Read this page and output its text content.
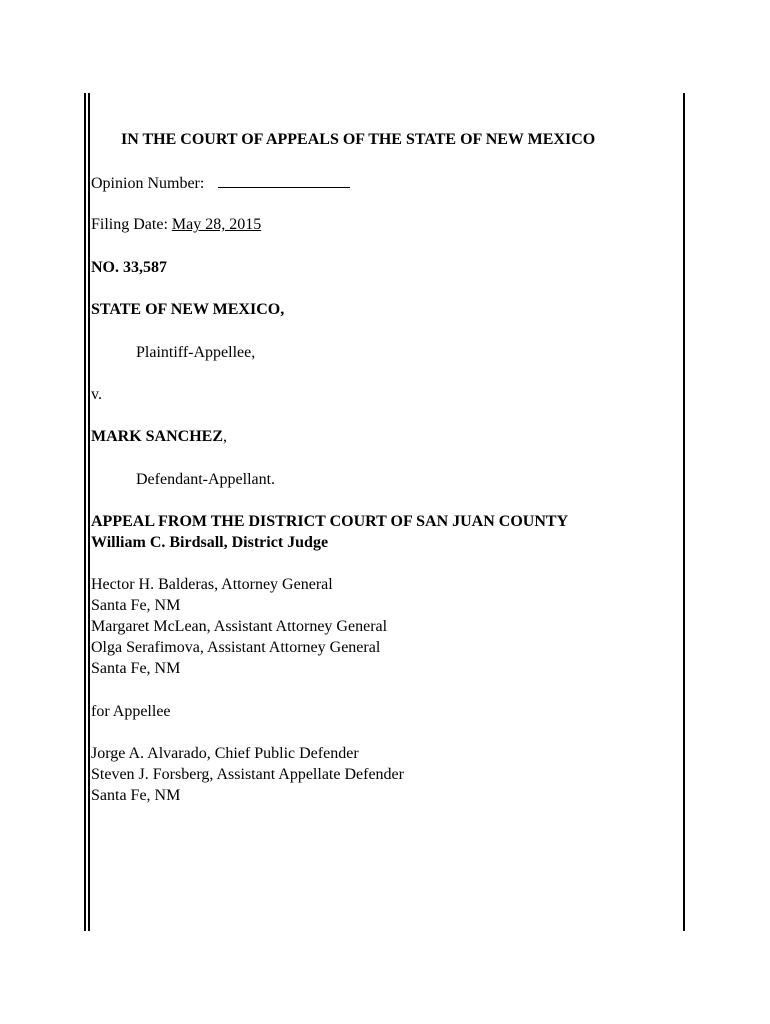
IN THE COURT OF APPEALS OF THE STATE OF NEW MEXICO
Opinion Number:
Filing Date: May 28, 2015
NO. 33,587
STATE OF NEW MEXICO,
Plaintiff-Appellee,
v.
MARK SANCHEZ,
Defendant-Appellant.
APPEAL FROM THE DISTRICT COURT OF SAN JUAN COUNTY
William C. Birdsall, District Judge
Hector H. Balderas, Attorney General
Santa Fe, NM
Margaret McLean, Assistant Attorney General
Olga Serafimova, Assistant Attorney General
Santa Fe, NM
for Appellee
Jorge A. Alvarado, Chief Public Defender
Steven J. Forsberg, Assistant Appellate Defender
Santa Fe, NM
